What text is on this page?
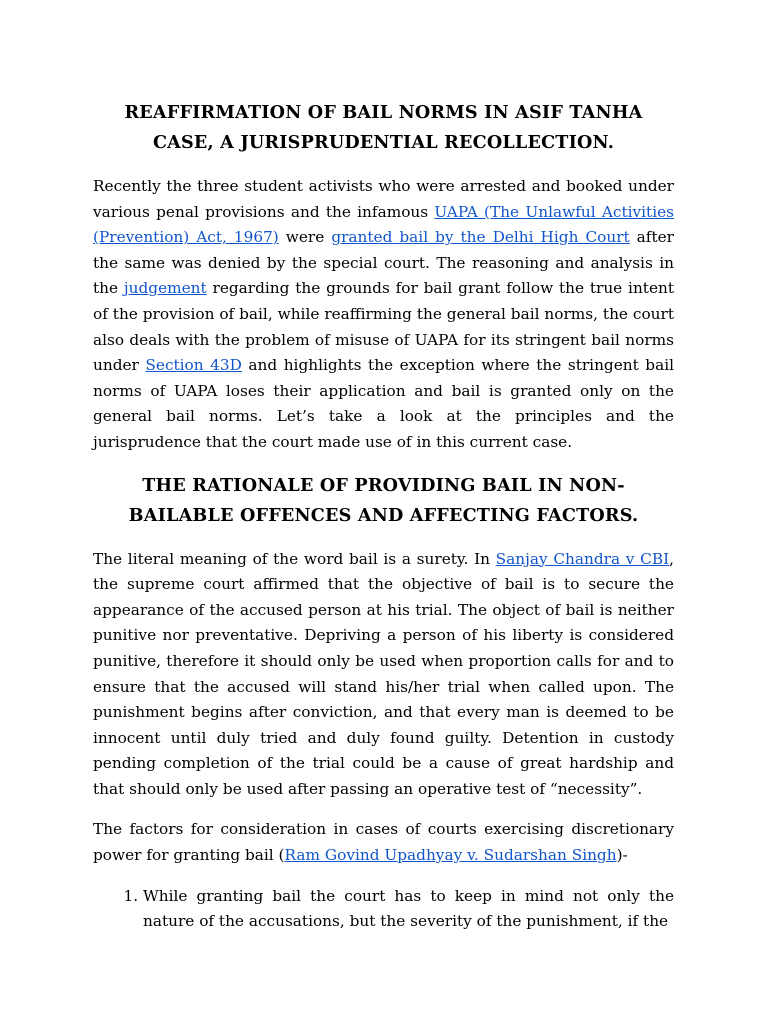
REAFFIRMATION OF BAIL NORMS IN ASIF TANHA
CASE, A JURISPRUDENTIAL RECOLLECTION.

Recently the three student activists who were arrested and booked under various penal provisions and the infamous UAPA (The Unlawful Activities (Prevention) Act, 1967) were granted bail by the Delhi High Court after the same was denied by the special court. The reasoning and analysis in the judgement regarding the grounds for bail grant follow the true intent of the provision of bail, while reaffirming the general bail norms, the court also deals with the problem of misuse of UAPA for its stringent bail norms under Section 43D and highlights the exception where the stringent bail norms of UAPA loses their application and bail is granted only on the general bail norms. Let’s take a look at the principles and the jurisprudence that the court made use of in this current case.

THE RATIONALE OF PROVIDING BAIL IN NON-
BAILABLE OFFENCES AND AFFECTING FACTORS.

The literal meaning of the word bail is a surety. In Sanjay Chandra v CBI, the supreme court affirmed that the objective of bail is to secure the appearance of the accused person at his trial. The object of bail is neither punitive nor preventative. Depriving a person of his liberty is considered punitive, therefore it should only be used when proportion calls for and to ensure that the accused will stand his/her trial when called upon. The punishment begins after conviction, and that every man is deemed to be innocent until duly tried and duly found guilty. Detention in custody pending completion of the trial could be a cause of great hardship and that should only be used after passing an operative test of “necessity”.

The factors for consideration in cases of courts exercising discretionary power for granting bail (Ram Govind Upadhyay v. Sudarshan Singh)-

1. While granting bail the court has to keep in mind not only the nature of the accusations, but the severity of the punishment, if the
